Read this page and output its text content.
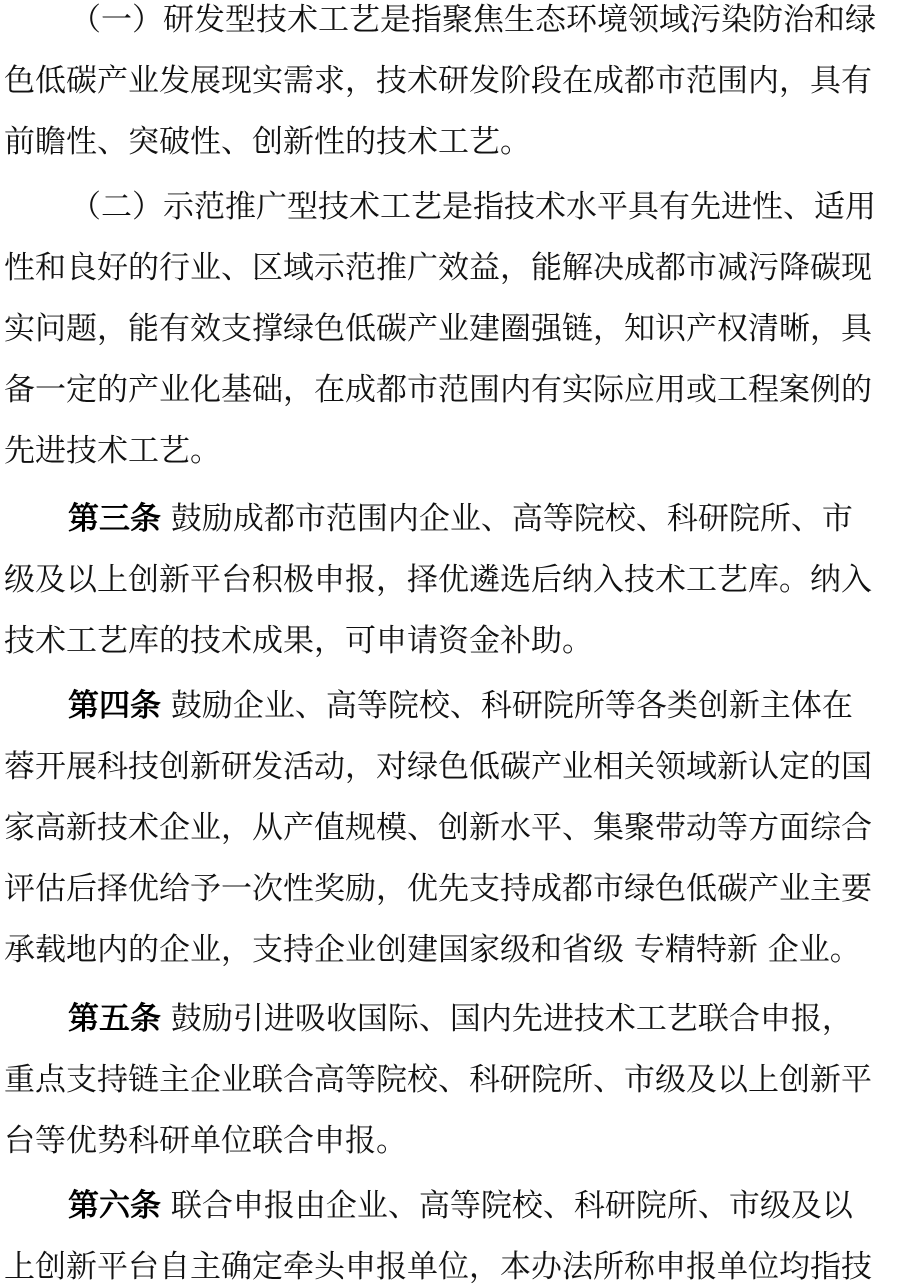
（一）研发型技术工艺是指聚焦生态环境领域污染防治和绿
色低碳产业发展现实需求，技术研发阶段在成都市范围内，具有
前瞻性、突破性、创新性的技术工艺。
（二）示范推广型技术工艺是指技术水平具有先进性、适用
性和良好的行业、区域示范推广效益，能解决成都市减污降碳现
实问题，能有效支撑绿色低碳产业建圈强链，知识产权清晰，具
备一定的产业化基础，在成都市范围内有实际应用或工程案例的
先进技术工艺。
第三条 鼓励成都市范围内企业、高等院校、科研院所、市
级及以上创新平台积极申报，择优遴选后纳入技术工艺库。纳入
技术工艺库的技术成果，可申请资金补助。
第四条 鼓励企业、高等院校、科研院所等各类创新主体在
蓉开展科技创新研发活动，对绿色低碳产业相关领域新认定的国
家高新技术企业，从产值规模、创新水平、集聚带动等方面综合
评估后择优给予一次性奖励，优先支持成都市绿色低碳产业主要
承载地内的企业，支持企业创建国家级和省级 专精特新 企业。
第五条 鼓励引进吸收国际、国内先进技术工艺联合申报，
重点支持链主企业联合高等院校、科研院所、市级及以上创新平
台等优势科研单位联合申报。
第六条 联合申报由企业、高等院校、科研院所、市级及以
上创新平台自主确定牵头申报单位，本办法所称申报单位均指技
